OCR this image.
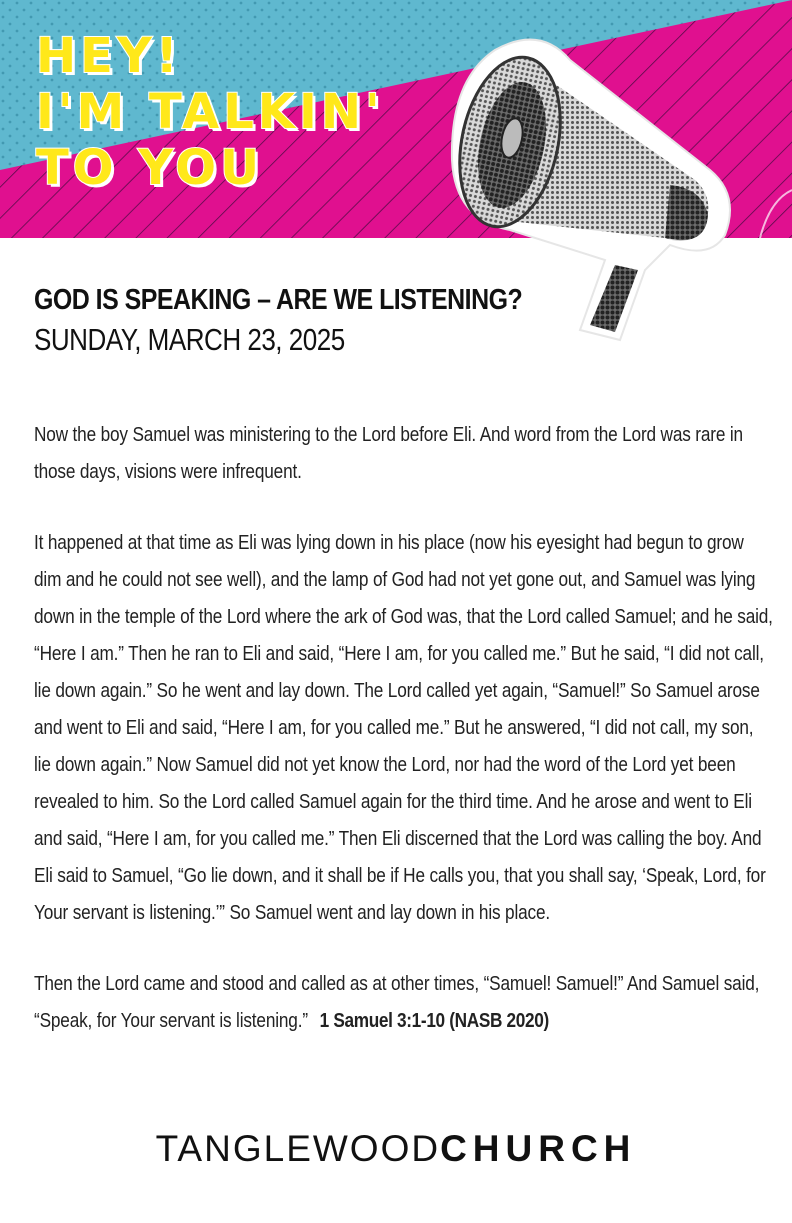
HEY!
I'M TALKIN'
TO YOU
GOD IS SPEAKING – ARE WE LISTENING?
SUNDAY, MARCH 23, 2025

Now the boy Samuel was ministering to the Lord before Eli. And word from the Lord was rare in those days, visions were infrequent.

It happened at that time as Eli was lying down in his place (now his eyesight had begun to grow dim and he could not see well), and the lamp of God had not yet gone out, and Samuel was lying down in the temple of the Lord where the ark of God was, that the Lord called Samuel; and he said, “Here I am.” Then he ran to Eli and said, “Here I am, for you called me.” But he said, “I did not call, lie down again.” So he went and lay down. The Lord called yet again, “Samuel!” So Samuel arose and went to Eli and said, “Here I am, for you called me.” But he answered, “I did not call, my son, lie down again.” Now Samuel did not yet know the Lord, nor had the word of the Lord yet been revealed to him. So the Lord called Samuel again for the third time. And he arose and went to Eli and said, “Here I am, for you called me.” Then Eli discerned that the Lord was calling the boy. And Eli said to Samuel, “Go lie down, and it shall be if He calls you, that you shall say, ‘Speak, Lord, for Your servant is listening.’” So Samuel went and lay down in his place.

Then the Lord came and stood and called as at other times, “Samuel! Samuel!” And Samuel said, “Speak, for Your servant is listening.” 1 Samuel 3:1-10 (NASB 2020)

TANGLEWOODCHURCH
